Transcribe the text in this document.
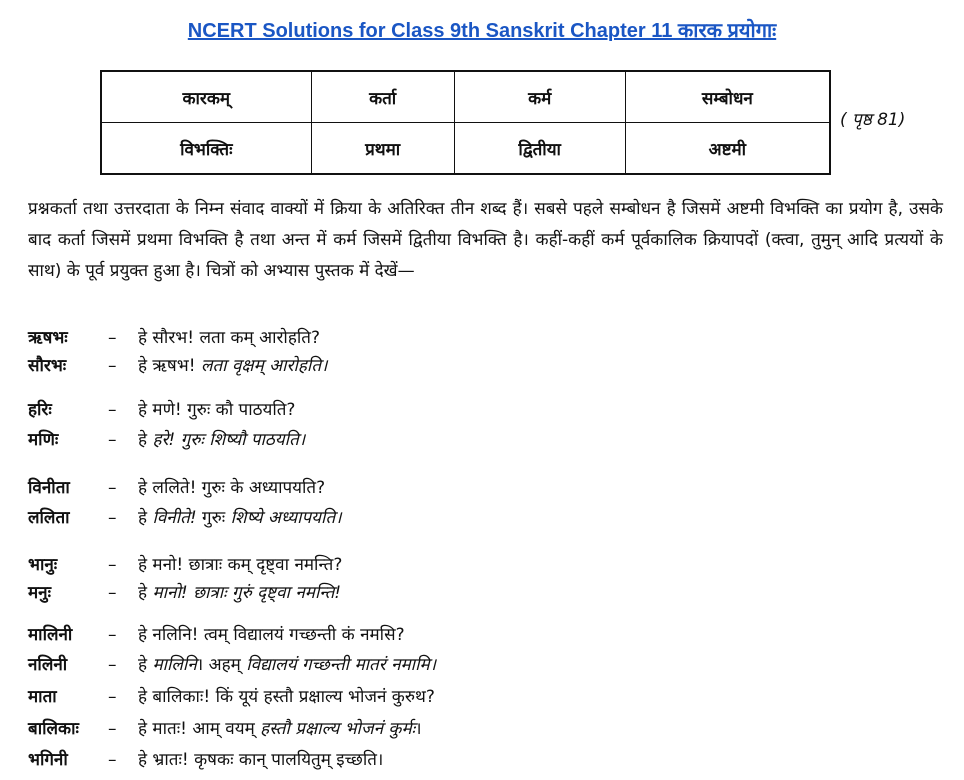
NCERT Solutions for Class 9th Sanskrit Chapter 11 कारक प्रयोगाः
कारकम्	कर्ता	कर्म	सम्बोधन
विभक्तिः	प्रथमा	द्वितीया	अष्टमी
( पृष्ठ 81)
प्रश्नकर्ता तथा उत्तरदाता के निम्न संवाद वाक्यों में क्रिया के अतिरिक्त तीन शब्द हैं। सबसे पहले सम्बोधन है जिसमें अष्टमी विभक्ति का प्रयोग है, उसके बाद कर्ता जिसमें प्रथमा विभक्ति है तथा अन्त में कर्म जिसमें द्वितीया विभक्ति है। कहीं-कहीं कर्म पूर्वकालिक क्रियापदों (क्त्वा, तुमुन् आदि प्रत्ययों के साथ) के पूर्व प्रयुक्त हुआ है। चित्रों को अभ्यास पुस्तक में देखें—
ऋषभः – हे सौरभ! लता कम् आरोहति?
सौरभः – हे ऋषभ! लता वृक्षम् आरोहति।
हरिः	– हे मणे! गुरुः कौ पाठयति?
मणिः	– हे हरे! गुरुः शिष्यौ पाठयति।
विनीता – हे ललिते! गुरुः के अध्यापयति?
ललिता – हे विनीते! गुरुः शिष्ये अध्यापयति।
भानुः	– हे मनो! छात्राः कम् दृष्ट्वा नमन्ति?
मनुः	– हे मानो! छात्राः गुरुं दृष्ट्वा नमन्ति!
मालिनी – हे नलिनि! त्वम् विद्यालयं गच्छन्ती कं नमसि?
नलिनी – हे मालिनि। अहम् विद्यालयं गच्छन्ती मातरं नमामि।
माता	– हे बालिकाः! किं यूयं हस्तौ प्रक्षाल्य भोजनं कुरुथ?
बालिकाः – हे मातः! आम् वयम् हस्तौ प्रक्षाल्य भोजनं कुर्मः।
भगिनी – हे भ्रातः! कृषकः कान् पालयितुम् इच्छति।
